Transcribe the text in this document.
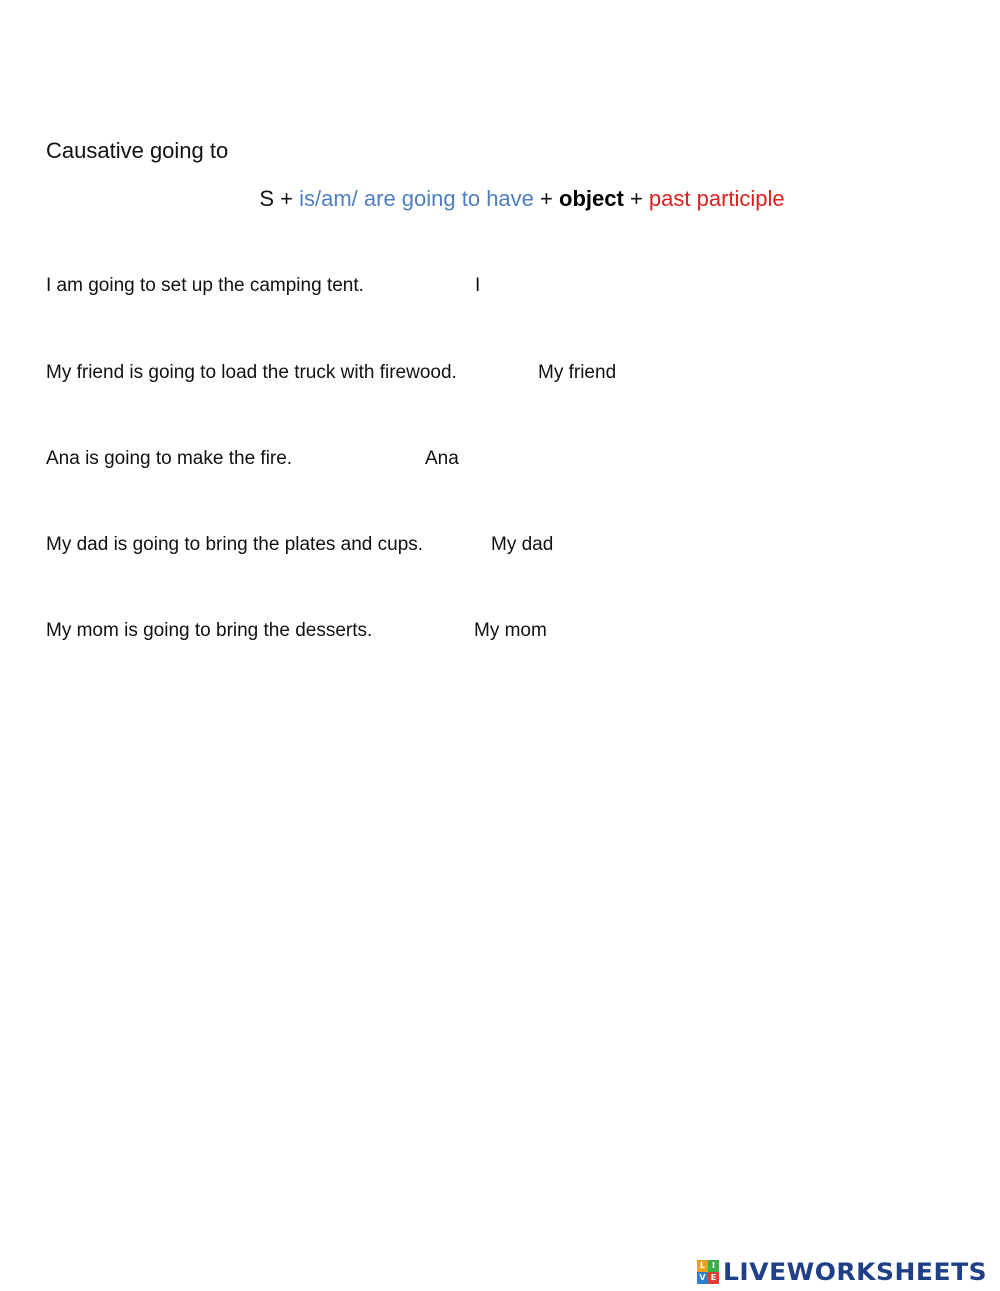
Causative going to
S + is/am/ are going to have + object + past participle
I am going to set up the camping tent.	I
My friend is going to load the truck with firewood.	My friend
Ana is going to make the fire.	Ana
My dad is going to bring the plates and cups.	My dad
My mom is going to bring the desserts.	My mom
L I
V E LIVEWORKSHEETS
